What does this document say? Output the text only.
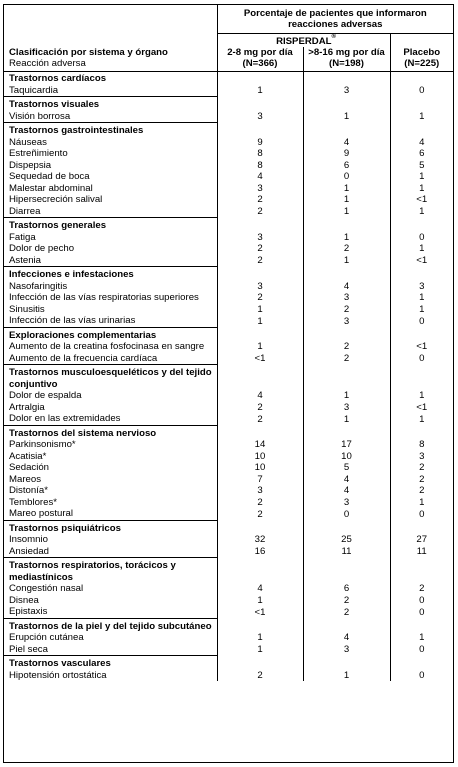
Clasificación por sistema y órgano
Reacción adversa	Porcentaje de pacientes que informaron reacciones adversas		
	RISPERDAL®	
	2-8 mg por día (N=366)	>8-16 mg por día (N=198)	Placebo (N=225)
Trastornos cardíacos			
Taquicardia	1	3	0
Trastornos visuales			
Visión borrosa	3	1	1
Trastornos gastrointestinales			
Náuseas	9	4	4
Estreñimiento	8	9	6
Dispepsia	8	6	5
Sequedad de boca	4	0	1
Malestar abdominal	3	1	1
Hipersecreción salival	2	1	<1
Diarrea	2	1	1
Trastornos generales			
Fatiga	3	1	0
Dolor de pecho	2	2	1
Astenia	2	1	<1
Infecciones e infestaciones			
Nasofaringitis	3	4	3
Infección de las vías respiratorias superiores	2	3	1
Sinusitis	1	2	1
Infección de las vías urinarias	1	3	0
Exploraciones complementarias			
Aumento de la creatina fosfocinasa en sangre	1	2	<1
Aumento de la frecuencia cardíaca	<1	2	0
Trastornos musculoesqueléticos y del tejido conjuntivo			
Dolor de espalda	4	1	1
Artralgia	2	3	<1
Dolor en las extremidades	2	1	1
Trastornos del sistema nervioso			
Parkinsonismo*	14	17	8
Acatisia*	10	10	3
Sedación	10	5	2
Mareos	7	4	2
Distonía*	3	4	2
Temblores*	2	3	1
Mareo postural	2	0	0
Trastornos psiquiátricos			
Insomnio	32	25	27
Ansiedad	16	11	11
Trastornos respiratorios, torácicos y mediastínicos			
Congestión nasal	4	6	2
Disnea	1	2	0
Epistaxis	<1	2	0
Trastornos de la piel y del tejido subcutáneo			
Erupción cutánea	1	4	1
Piel seca	1	3	0
Trastornos vasculares			
Hipotensión ortostática	2	1	0
